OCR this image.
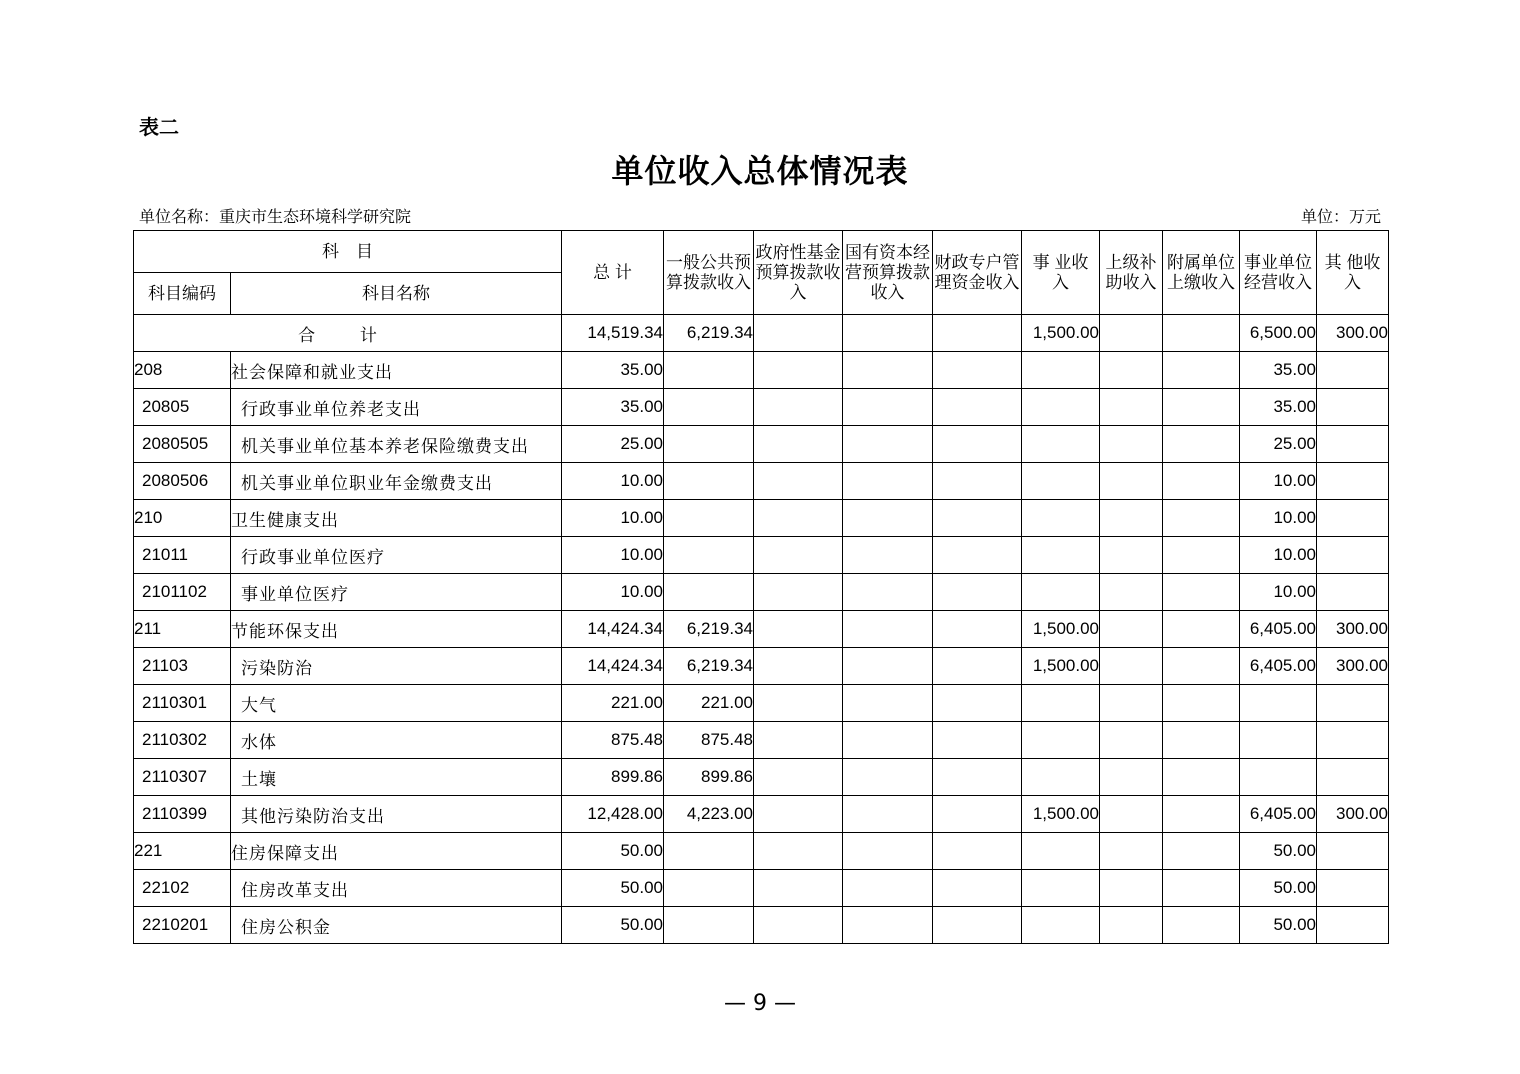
表二
单位收入总体情况表
单位名称：重庆市生态环境科学研究院	单位：万元
科　目		总 计	一般公共预算拨款收入	政府性基金预算拨款收入	国有资本经营预算拨款收入	财政专户管理资金收入	事 业收 入	上级补助收入	附属单位上缴收入	事业单位经营收入	其 他收 入
科目编码	科目名称										
合 计		14,519.34	6,219.34				1,500.00			6,500.00	300.00
208	社会保障和就业支出	35.00								35.00	
20805	行政事业单位养老支出	35.00								35.00	
2080505	机关事业单位基本养老保险缴费支出	25.00								25.00	
2080506	机关事业单位职业年金缴费支出	10.00								10.00	
210	卫生健康支出	10.00								10.00	
21011	行政事业单位医疗	10.00								10.00	
2101102	事业单位医疗	10.00								10.00	
211	节能环保支出	14,424.34	6,219.34				1,500.00			6,405.00	300.00
21103	污染防治	14,424.34	6,219.34				1,500.00			6,405.00	300.00
2110301	大气	221.00	221.00								
2110302	水体	875.48	875.48								
2110307	土壤	899.86	899.86								
2110399	其他污染防治支出	12,428.00	4,223.00				1,500.00			6,405.00	300.00
221	住房保障支出	50.00								50.00	
22102	住房改革支出	50.00								50.00	
2210201	住房公积金	50.00								50.00	
— 9 —
